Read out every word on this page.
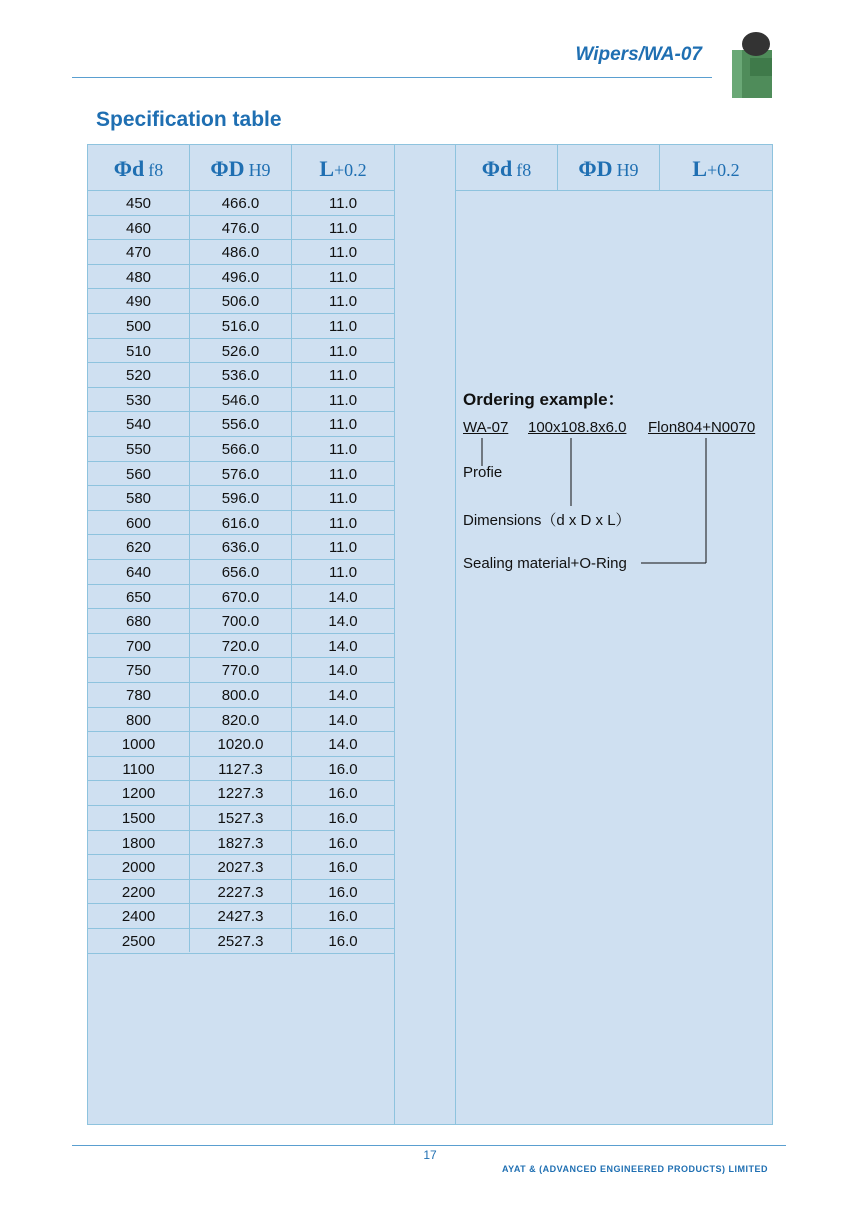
Wipers/WA-07
Specification table
Φd f8	ΦD H9	L+0.2	Φd f8	ΦD H9	L+0.2
450	466.0	11.0
460	476.0	11.0
470	486.0	11.0
480	496.0	11.0
490	506.0	11.0
500	516.0	11.0
510	526.0	11.0
520	536.0	11.0
530	546.0	11.0
540	556.0	11.0
550	566.0	11.0
560	576.0	11.0
580	596.0	11.0
600	616.0	11.0
620	636.0	11.0
640	656.0	11.0
650	670.0	14.0
680	700.0	14.0
700	720.0	14.0
750	770.0	14.0
780	800.0	14.0
800	820.0	14.0
1000	1020.0	14.0
1100	1127.3	16.0
1200	1227.3	16.0
1500	1527.3	16.0
1800	1827.3	16.0
2000	2027.3	16.0
2200	2227.3	16.0
2400	2427.3	16.0
2500	2527.3	16.0
Ordering example：
WA-07 100x108.8x6.0 Flon804+N0070
Profie
Dimensions（d x D x L）
Sealing material+O-Ring
17
AYAT & (ADVANCED ENGINEERED PRODUCTS) LIMITED
